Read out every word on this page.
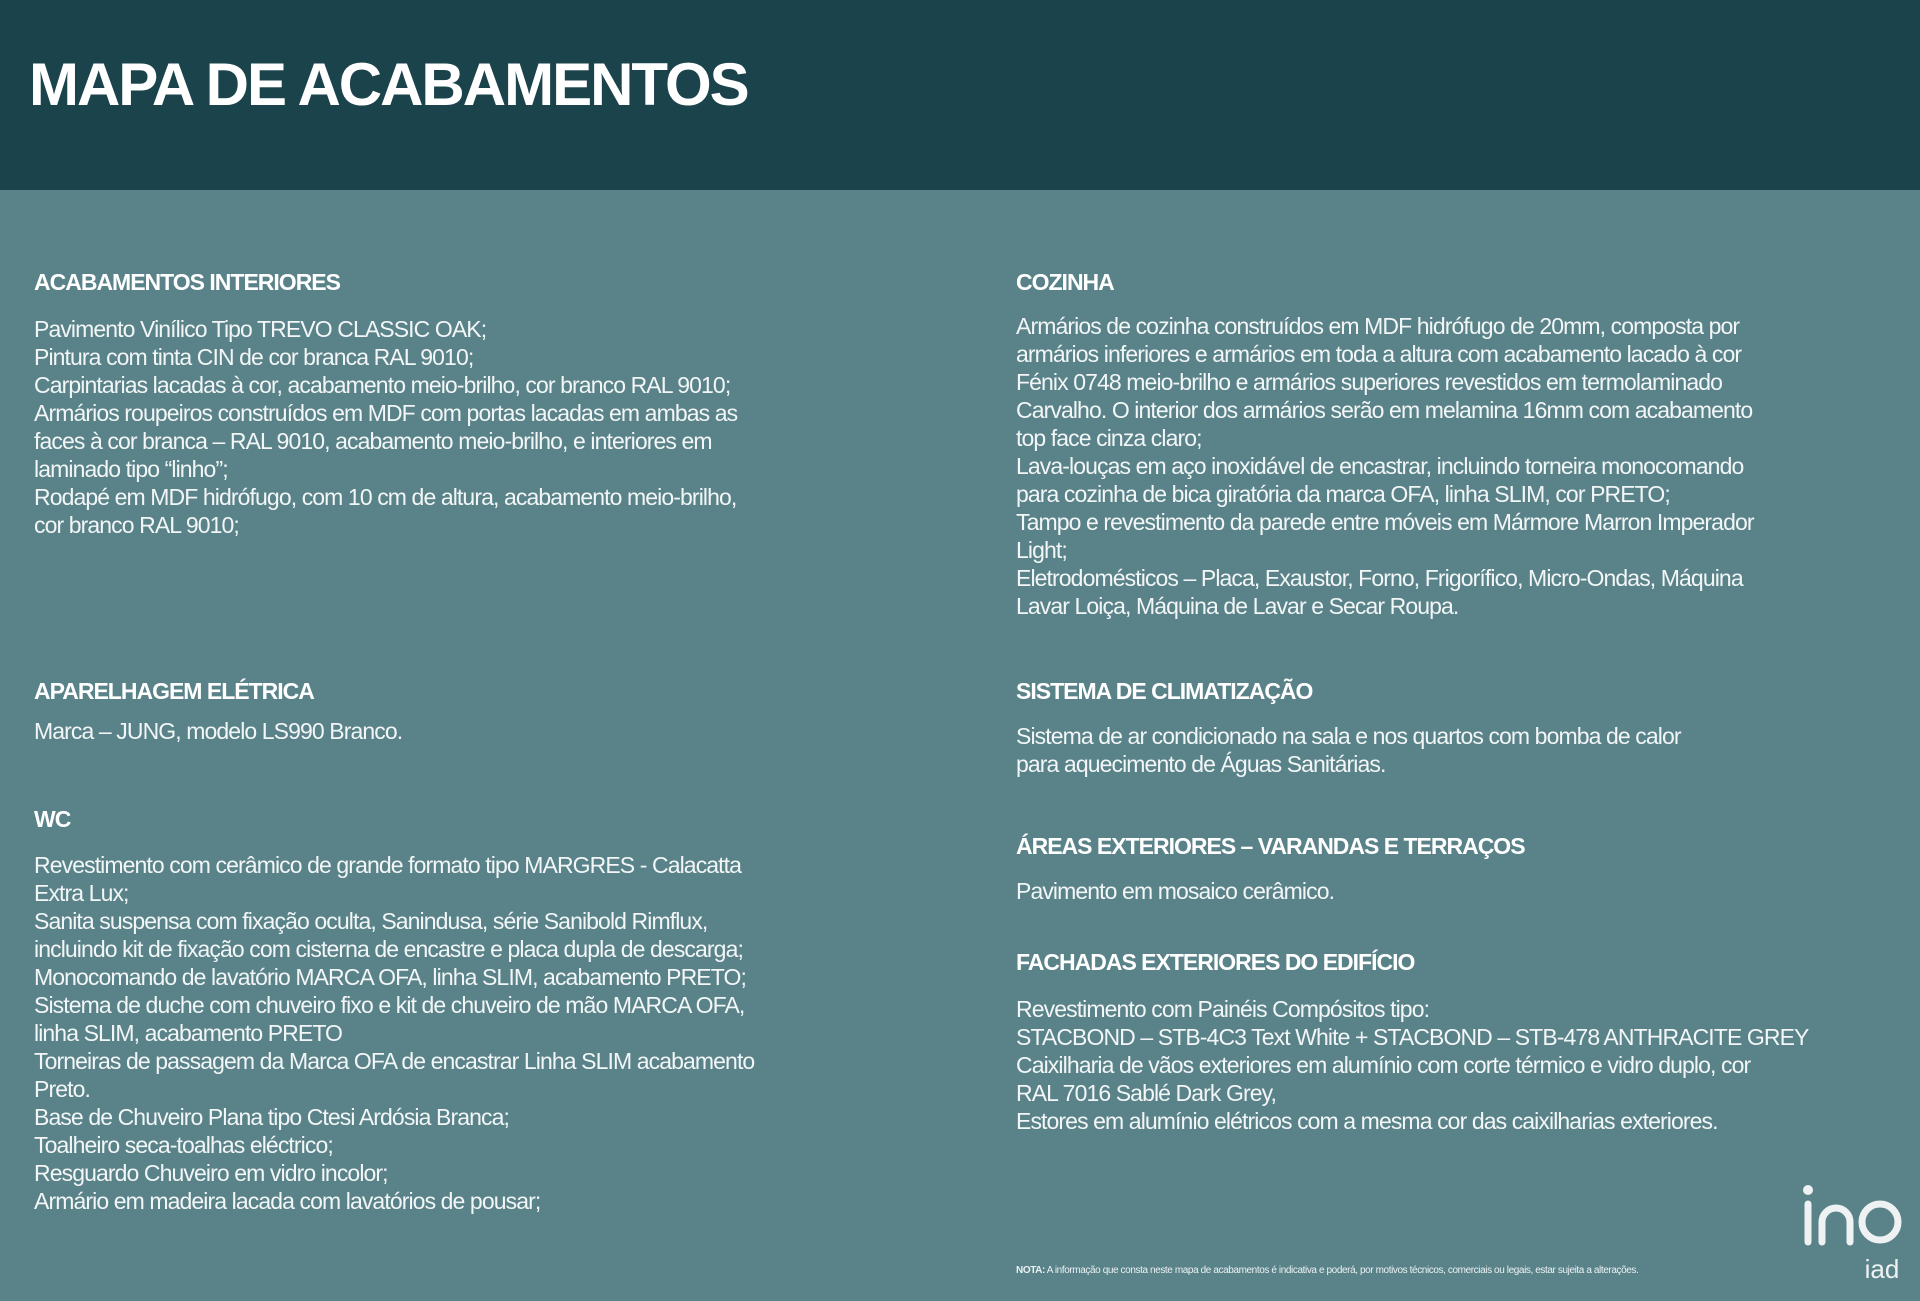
MAPA DE ACABAMENTOS
ACABAMENTOS INTERIORES
Pavimento Vinílico Tipo TREVO CLASSIC OAK;
Pintura com tinta CIN de cor branca RAL 9010;
Carpintarias lacadas à cor, acabamento meio-brilho, cor branco RAL 9010;
Armários roupeiros construídos em MDF com portas lacadas em ambas as
faces à cor branca – RAL 9010, acabamento meio-brilho, e interiores em
laminado tipo “linho”;
Rodapé em MDF hidrófugo, com 10 cm de altura, acabamento meio-brilho,
cor branco RAL 9010;
APARELHAGEM ELÉTRICA
Marca – JUNG, modelo LS990 Branco.
WC
Revestimento com cerâmico de grande formato tipo MARGRES - Calacatta
Extra Lux;
Sanita suspensa com fixação oculta, Sanindusa, série Sanibold Rimflux,
incluindo kit de fixação com cisterna de encastre e placa dupla de descarga;
Monocomando de lavatório MARCA OFA, linha SLIM, acabamento PRETO;
Sistema de duche com chuveiro fixo e kit de chuveiro de mão MARCA OFA,
linha SLIM, acabamento PRETO
Torneiras de passagem da Marca OFA de encastrar Linha SLIM acabamento
Preto.
Base de Chuveiro Plana tipo Ctesi Ardósia Branca;
Toalheiro seca-toalhas eléctrico;
Resguardo Chuveiro em vidro incolor;
Armário em madeira lacada com lavatórios de pousar;
COZINHA
Armários de cozinha construídos em MDF hidrófugo de 20mm, composta por
armários inferiores e armários em toda a altura com acabamento lacado à cor
Fénix 0748 meio-brilho e armários superiores revestidos em termolaminado
Carvalho. O interior dos armários serão em melamina 16mm com acabamento
top face cinza claro;
Lava-louças em aço inoxidável de encastrar, incluindo torneira monocomando
para cozinha de bica giratória da marca OFA, linha SLIM, cor PRETO;
Tampo e revestimento da parede entre móveis em Mármore Marron Imperador
Light;
Eletrodomésticos – Placa, Exaustor, Forno, Frigorífico, Micro-Ondas, Máquina
Lavar Loiça, Máquina de Lavar e Secar Roupa.
SISTEMA DE CLIMATIZAÇÃO
Sistema de ar condicionado na sala e nos quartos com bomba de calor
para aquecimento de Águas Sanitárias.
ÁREAS EXTERIORES – VARANDAS E TERRAÇOS
Pavimento em mosaico cerâmico.
FACHADAS EXTERIORES DO EDIFÍCIO
Revestimento com Painéis Compósitos tipo:
STACBOND – STB-4C3 Text White + STACBOND – STB-478 ANTHRACITE GREY
Caixilharia de vãos exteriores em alumínio com corte térmico e vidro duplo, cor
RAL 7016 Sablé Dark Grey,
Estores em alumínio elétricos com a mesma cor das caixilharias exteriores.
NOTA: A informação que consta neste mapa de acabamentos é indicativa e poderá, por motivos técnicos, comerciais ou legais, estar sujeita a alterações.	iad
